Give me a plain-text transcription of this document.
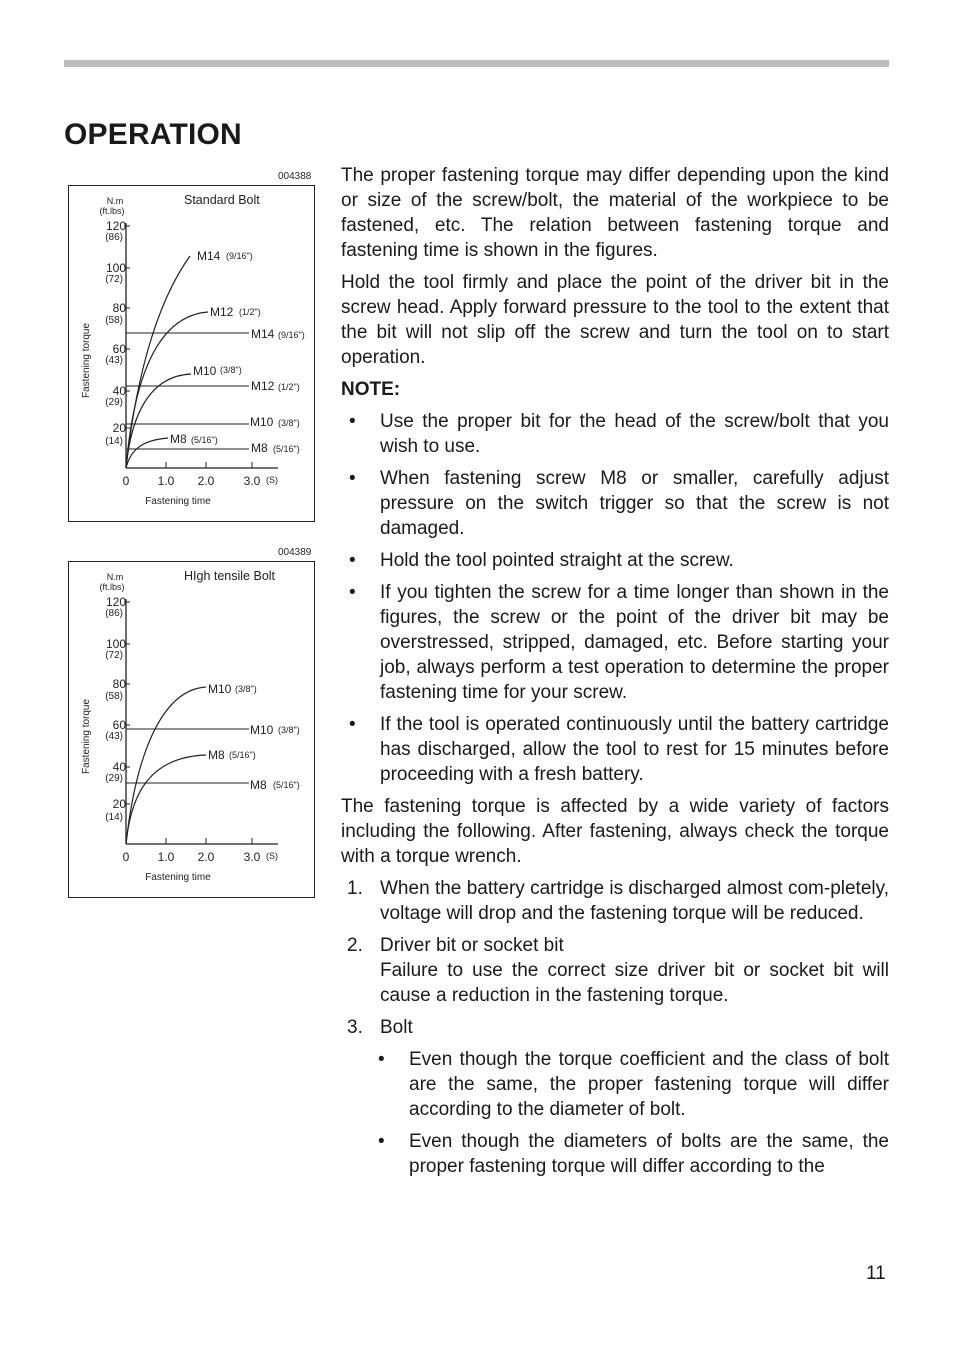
OPERATION
004388
N.m
(ft.lbs)
Standard Bolt
Fastening torque
120
(86)
100
(72)
80
(58)
60
(43)
40
(29)
20
(14)
0 1.0 2.0 3.0 (S)
Fastening time
M14 (9/16")
M12 (1/2")
M10 (3/8")
M8 (5/16")
M14 (9/16")
M12 (1/2")
M10 (3/8")
M8 (5/16")
004389
N.m
(ft.lbs)
HIgh tensile Bolt
Fastening torque
120
(86)
100
(72)
80
(58)
60
(43)
40
(29)
20
(14)
0 1.0 2.0 3.0 (S)
Fastening time
M10 (3/8")
M8 (5/16")
M10 (3/8")
M8 (5/16")

The proper fastening torque may differ depending upon the kind or size of the screw/bolt, the material of the workpiece to be fastened, etc. The relation between fastening torque and fastening time is shown in the figures.

Hold the tool firmly and place the point of the driver bit in the screw head. Apply forward pressure to the tool to the extent that the bit will not slip off the screw and turn the tool on to start operation.

NOTE:
• Use the proper bit for the head of the screw/bolt that you wish to use.
• When fastening screw M8 or smaller, carefully adjust pressure on the switch trigger so that the screw is not damaged.
• Hold the tool pointed straight at the screw.
• If you tighten the screw for a time longer than shown in the figures, the screw or the point of the driver bit may be overstressed, stripped, damaged, etc. Before starting your job, always perform a test operation to determine the proper fastening time for your screw.
• If the tool is operated continuously until the battery cartridge has discharged, allow the tool to rest for 15 minutes before proceeding with a fresh battery.

The fastening torque is affected by a wide variety of factors including the following. After fastening, always check the torque with a torque wrench.

1. When the battery cartridge is discharged almost com-pletely, voltage will drop and the fastening torque will be reduced.
2. Driver bit or socket bit
Failure to use the correct size driver bit or socket bit will cause a reduction in the fastening torque.
3. Bolt
• Even though the torque coefficient and the class of bolt are the same, the proper fastening torque will differ according to the diameter of bolt.
• Even though the diameters of bolts are the same, the proper fastening torque will differ according to the
11
